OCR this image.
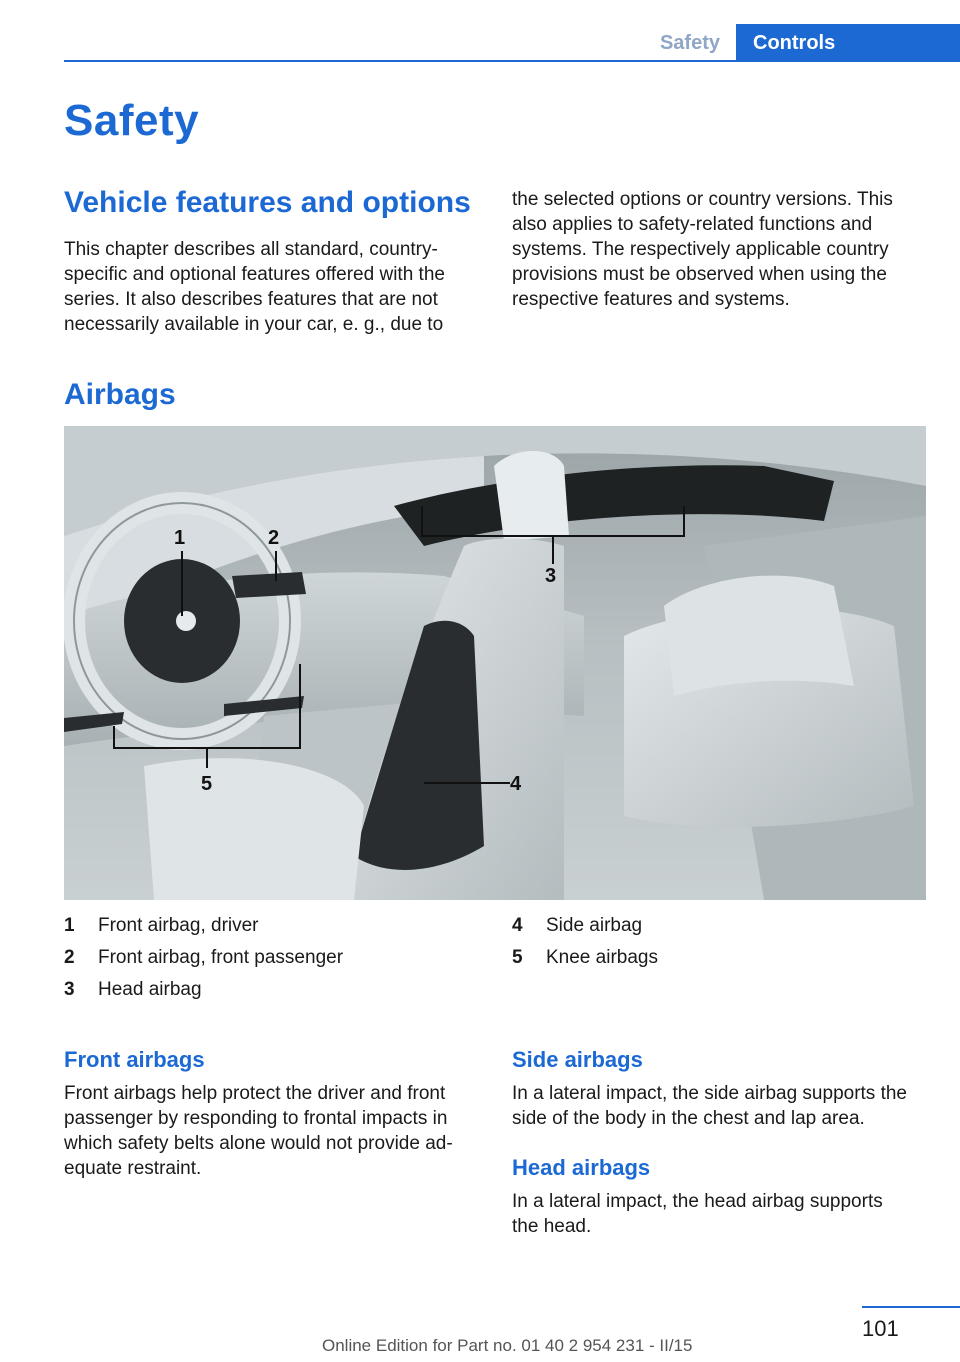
Safety	Controls
Safety
Vehicle features and options
This chapter describes all standard, country-
specific and optional features offered with the
series. It also describes features that are not
necessarily available in your car, e. g., due to
the selected options or country versions. This
also applies to safety-related functions and
systems. The respectively applicable country
provisions must be observed when using the
respective features and systems.
Airbags
1	2
3
4
5
1 Front airbag, driver
2 Front airbag, front passenger
3 Head airbag
4 Side airbag
5 Knee airbags
Front airbags
Front airbags help protect the driver and front
passenger by responding to frontal impacts in
which safety belts alone would not provide ad-
equate restraint.
Side airbags
In a lateral impact, the side airbag supports the
side of the body in the chest and lap area.
Head airbags
In a lateral impact, the head airbag supports
the head.
101
Online Edition for Part no. 01 40 2 954 231 - II/15
